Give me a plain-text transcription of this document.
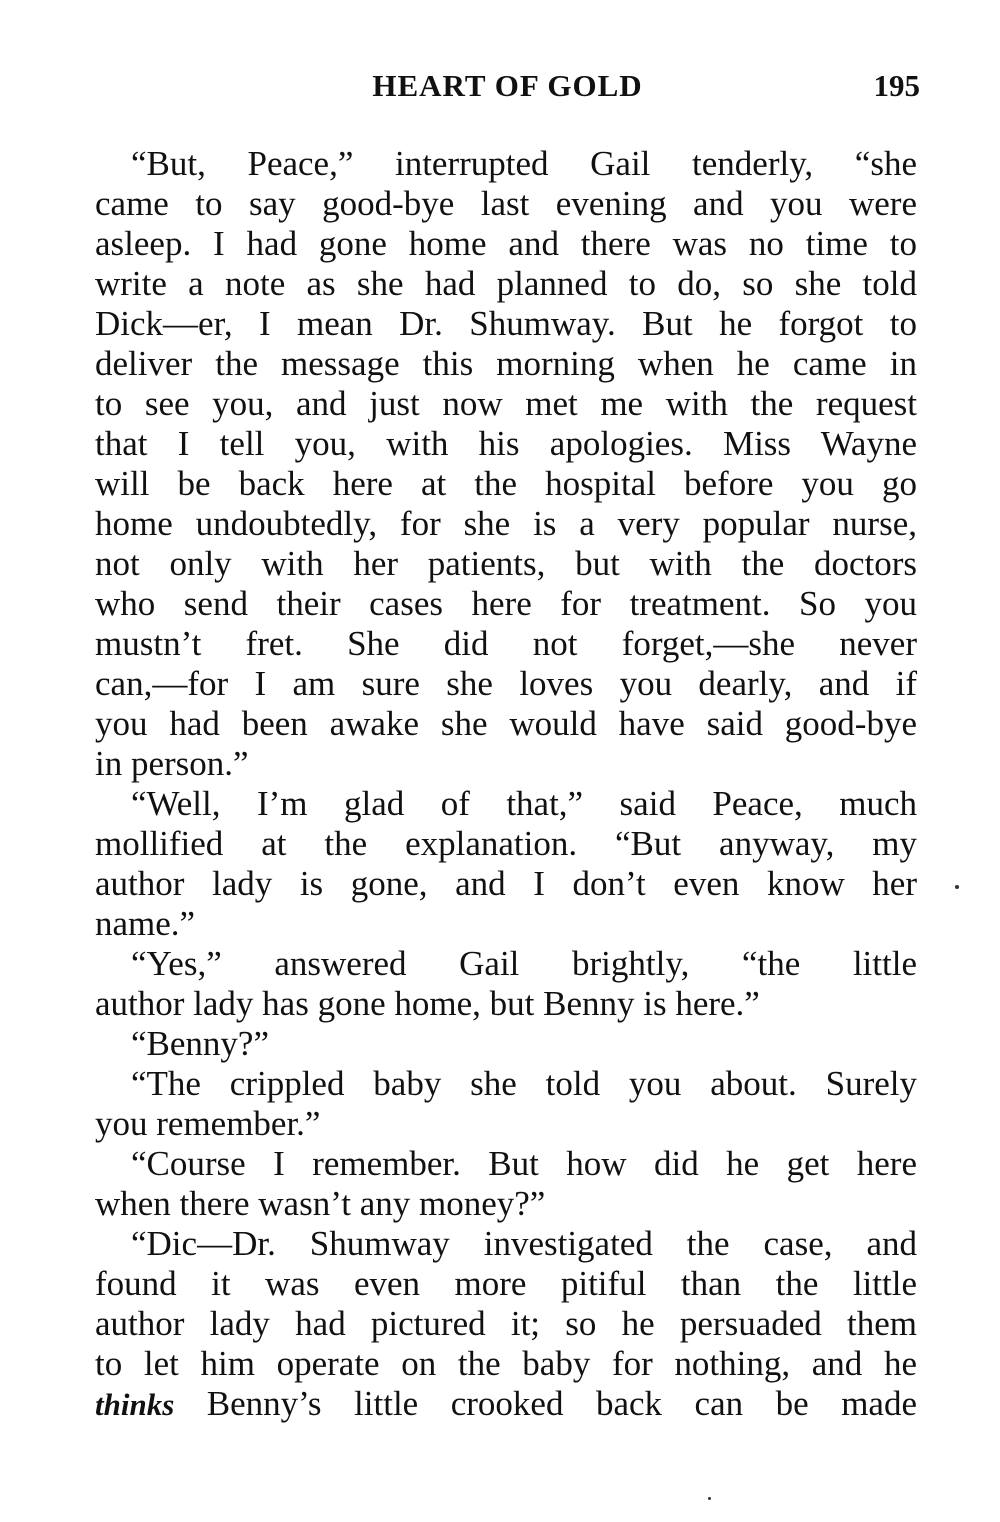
HEART OF GOLD	195
“But, Peace,” interrupted Gail tenderly, “she
came to say good-bye last evening and you were
asleep. I had gone home and there was no time to
write a note as she had planned to do, so she told
Dick—er, I mean Dr. Shumway. But he forgot to
deliver the message this morning when he came in
to see you, and just now met me with the request
that I tell you, with his apologies. Miss Wayne
will be back here at the hospital before you go
home undoubtedly, for she is a very popular nurse,
not only with her patients, but with the doctors
who send their cases here for treatment. So you
mustn’t fret. She did not forget,—she never
can,—for I am sure she loves you dearly, and if
you had been awake she would have said good-bye
in person.”
“Well, I’m glad of that,” said Peace, much
mollified at the explanation. “But anyway, my
author lady is gone, and I don’t even know her
name.”
“Yes,” answered Gail brightly, “the little
author lady has gone home, but Benny is here.”
“Benny?”
“The crippled baby she told you about. Surely
you remember.”
“Course I remember. But how did he get here
when there wasn’t any money?”
“Dic—Dr. Shumway investigated the case, and
found it was even more pitiful than the little
author lady had pictured it; so he persuaded them
to let him operate on the baby for nothing, and he
thinks Benny’s little crooked back can be made
